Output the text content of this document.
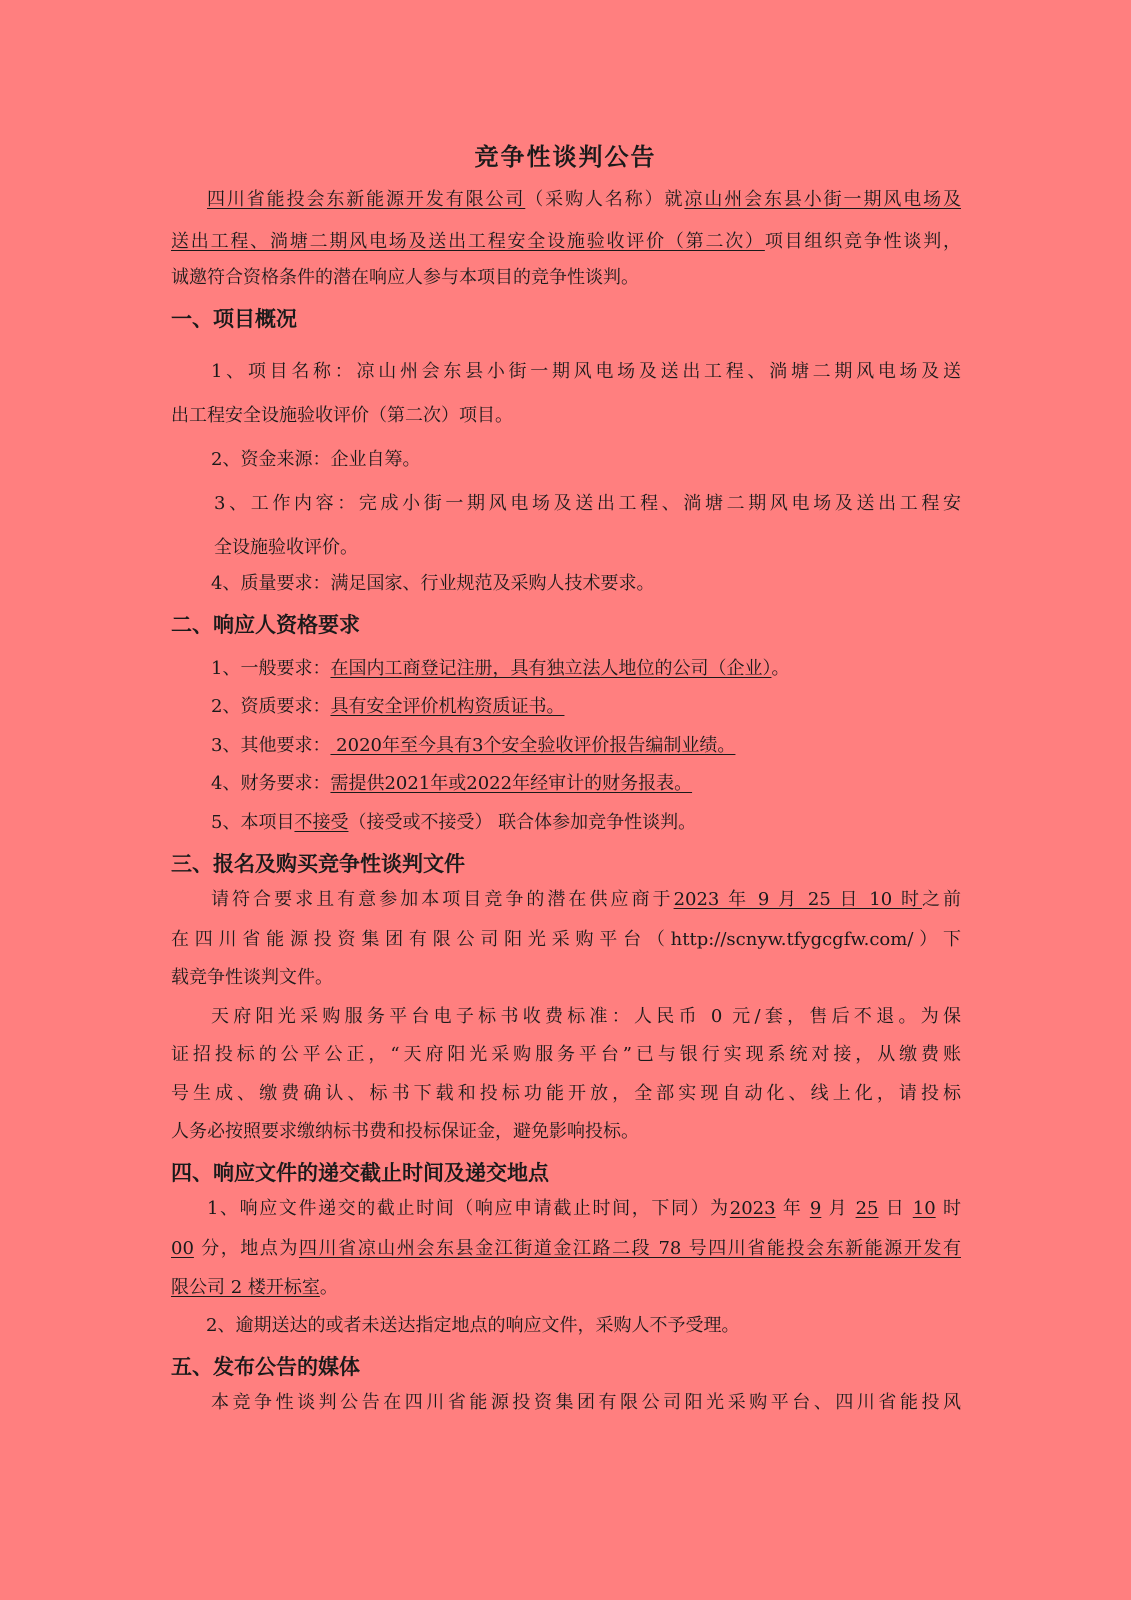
竞争性谈判公告
四川省能投会东新能源开发有限公司（采购人名称）就凉山州会东县小街一期风电场及
送出工程、淌塘二期风电场及送出工程安全设施验收评价（第二次）项目组织竞争性谈判，
诚邀符合资格条件的潜在响应人参与本项目的竞争性谈判。
一、项目概况
1、项目名称：凉山州会东县小街一期风电场及送出工程、淌塘二期风电场及送
出工程安全设施验收评价（第二次）项目。
2、资金来源：企业自筹。
3、工作内容：完成小街一期风电场及送出工程、淌塘二期风电场及送出工程安
全设施验收评价。
4、质量要求：满足国家、行业规范及采购人技术要求。
二、响应人资格要求
1、一般要求：在国内工商登记注册，具有独立法人地位的公司（企业）。
2、资质要求：具有安全评价机构资质证书。
3、其他要求： 2020年至今具有3个安全验收评价报告编制业绩。
4、财务要求：需提供2021年或2022年经审计的财务报表。
5、本项目不接受（接受或不接受） 联合体参加竞争性谈判。
三、报名及购买竞争性谈判文件
请符合要求且有意参加本项目竞争的潜在供应商于2023 年 9 月 25 日 10 时之前
在四川省能源投资集团有限公司阳光采购平台（http://scnyw.tfygcgfw.com/）下
载竞争性谈判文件。
天府阳光采购服务平台电子标书收费标准：人民币 0 元/套，售后不退。为保
证招投标的公平公正，“天府阳光采购服务平台”已与银行实现系统对接，从缴费账
号生成、缴费确认、标书下载和投标功能开放，全部实现自动化、线上化，请投标
人务必按照要求缴纳标书费和投标保证金，避免影响投标。
四、响应文件的递交截止时间及递交地点
1、响应文件递交的截止时间（响应申请截止时间，下同）为2023 年 9 月 25 日 10 时
00 分，地点为四川省凉山州会东县金江街道金江路二段 78 号四川省能投会东新能源开发有
限公司 2 楼开标室。
2、逾期送达的或者未送达指定地点的响应文件，采购人不予受理。
五、发布公告的媒体
本竞争性谈判公告在四川省能源投资集团有限公司阳光采购平台、四川省能投风
